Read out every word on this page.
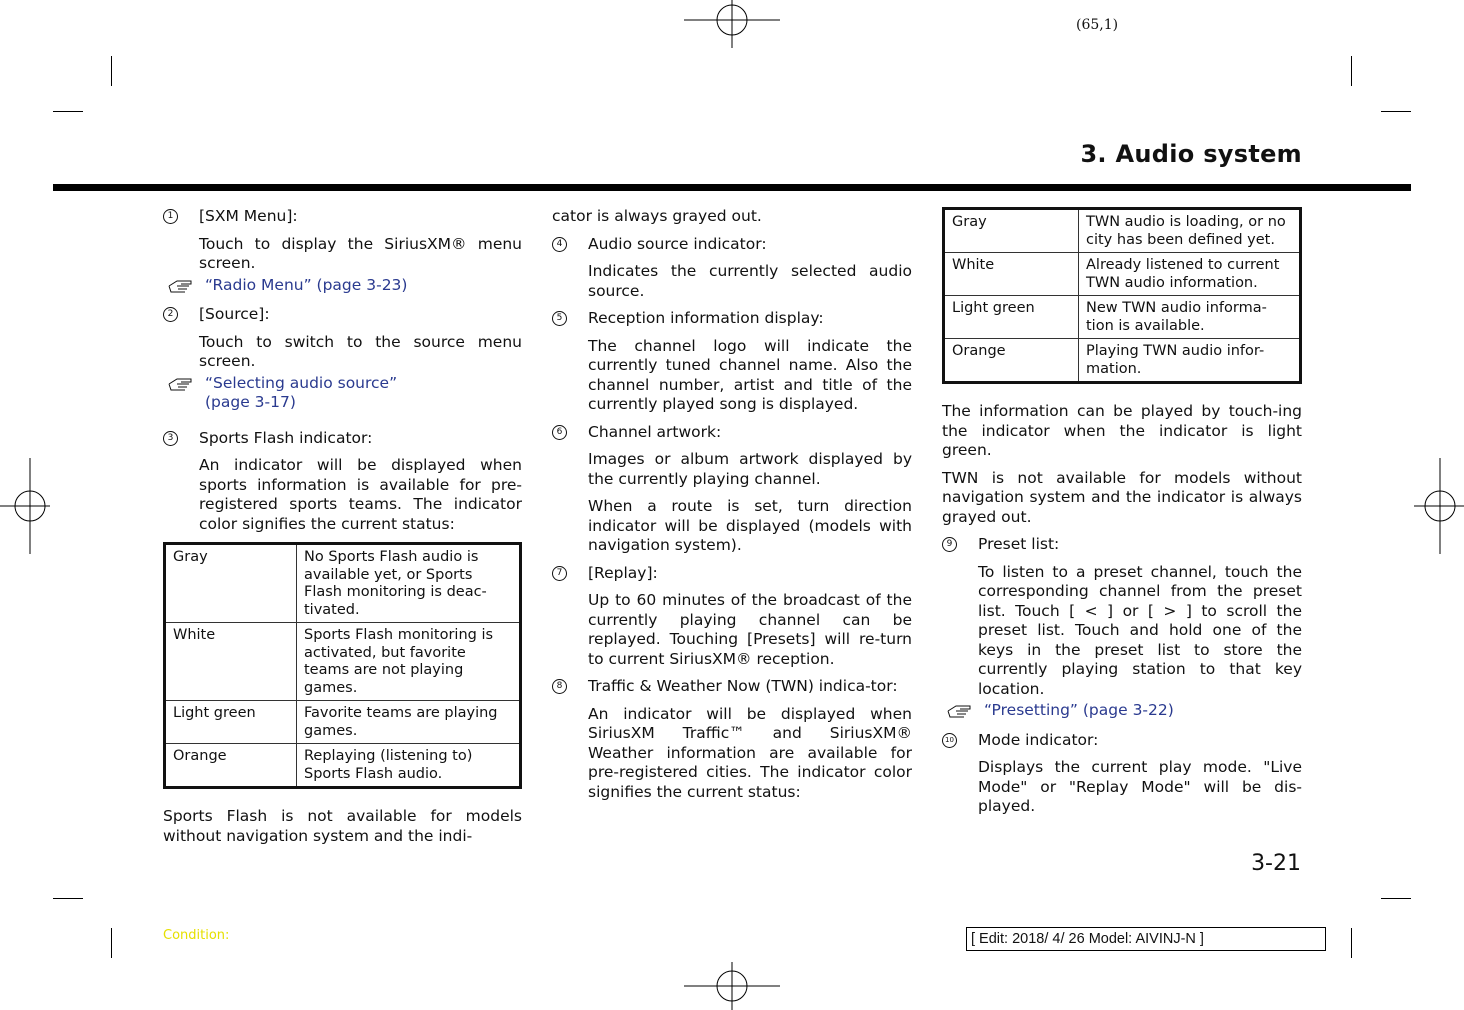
(65,1)
3. Audio system
1 [SXM Menu]:
Touch to display the SiriusXM® menu screen.
“Radio Menu” (page 3-23)
2 [Source]:
Touch to switch to the source menu screen.
“Selecting audio source”
(page 3-17)
3 Sports Flash indicator:
An indicator will be displayed when sports information is available for pre-registered sports teams. The indicator color signifies the current status:
Gray	No Sports Flash audio is available yet, or Sports Flash monitoring is deac-tivated.
White	Sports Flash monitoring is activated, but favorite teams are not playing games.
Light green	Favorite teams are playing games.
Orange	Replaying (listening to) Sports Flash audio.

Sports Flash is not available for models without navigation system and the indi-

cator is always grayed out.

4 Audio source indicator:
Indicates the currently selected audio source.
5 Reception information display:
The channel logo will indicate the currently tuned channel name. Also the channel number, artist and title of the currently played song is displayed.
6 Channel artwork:
Images or album artwork displayed by the currently playing channel.
When a route is set, turn direction indicator will be displayed (models with navigation system).
7 [Replay]:
Up to 60 minutes of the broadcast of the currently playing channel can be replayed. Touching [Presets] will re-turn to current SiriusXM® reception.
8 Traffic & Weather Now (TWN) indica-tor:
An indicator will be displayed when SiriusXM Traffic™ and SiriusXM® Weather information are available for pre-registered cities. The indicator color signifies the current status:
Gray	TWN audio is loading, or no city has been defined yet.
White	Already listened to current TWN audio information.
Light green	New TWN audio informa-tion is available.
Orange	Playing TWN audio infor-mation.

The information can be played by touch-ing the indicator when the indicator is light green.

TWN is not available for models without navigation system and the indicator is always grayed out.

9 Preset list:
To listen to a preset channel, touch the corresponding channel from the preset list. Touch [ < ] or [ > ] to scroll the preset list. Touch and hold one of the keys in the preset list to store the currently playing station to that key location.
“Presetting” (page 3-22)
10 Mode indicator:
Displays the current play mode. "Live Mode" or "Replay Mode" will be dis-played.
3-21
Condition:	[ Edit: 2018/ 4/ 26 Model: AIVINJ-N ]
